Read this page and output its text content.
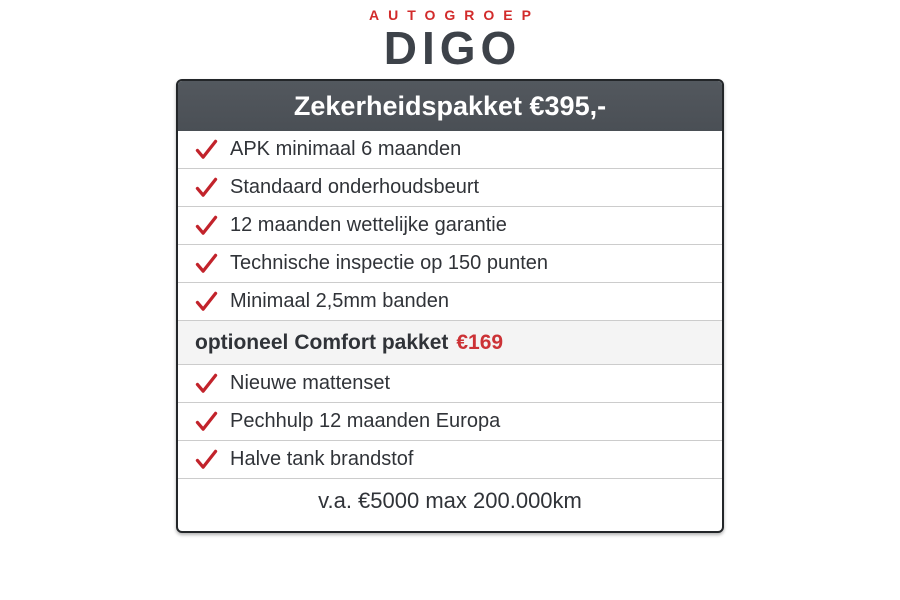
AUTOGROEP
DIGO
Zekerheidspakket €395,-
APK minimaal 6 maanden
Standaard onderhoudsbeurt
12 maanden wettelijke garantie
Technische inspectie op 150 punten
Minimaal 2,5mm banden
optioneel Comfort pakket €169
Nieuwe mattenset
Pechhulp 12 maanden Europa
Halve tank brandstof
v.a. €5000 max 200.000km
